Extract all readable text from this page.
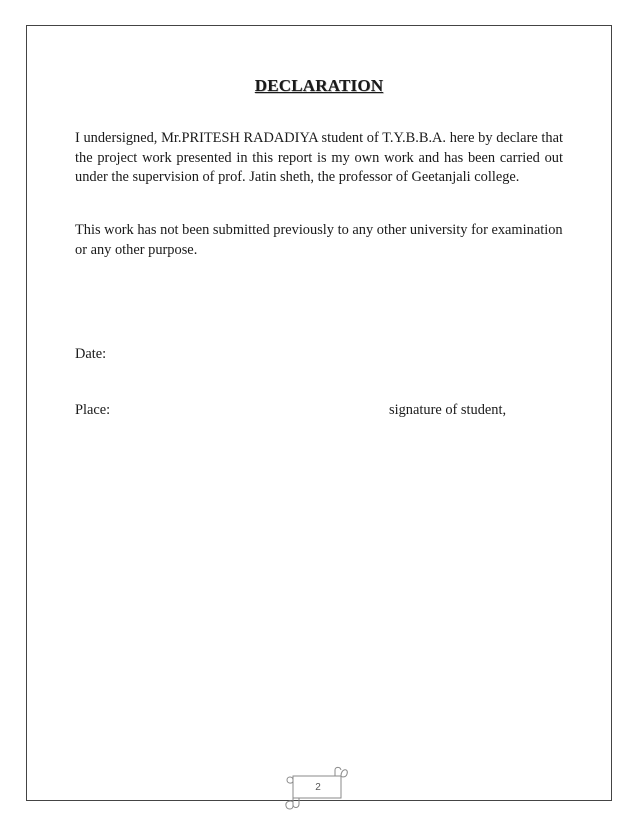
DECLARATION

I undersigned, Mr.PRITESH RADADIYA student of T.Y.B.B.A. here by declare that the project work presented in this report is my own work and has been carried out under the supervision of prof. Jatin sheth, the professor of Geetanjali college.

This work has not been submitted previously to any other university for examination or any other purpose.

Date:
Place:	signature of student,
2
